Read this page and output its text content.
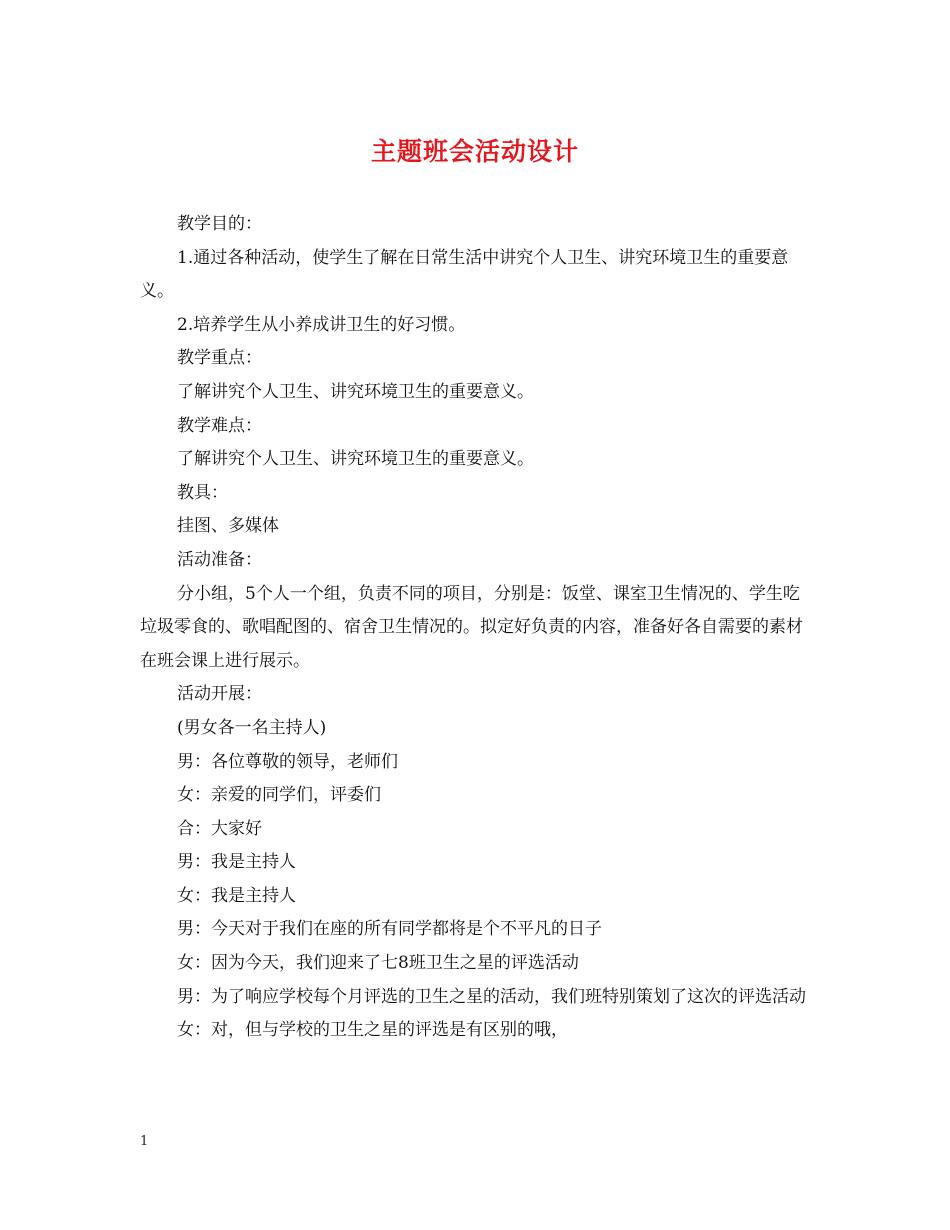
主题班会活动设计

教学目的：

1.通过各种活动，使学生了解在日常生活中讲究个人卫生、讲究环境卫生的重要意义。

2.培养学生从小养成讲卫生的好习惯。

教学重点：

了解讲究个人卫生、讲究环境卫生的重要意义。

教学难点：

了解讲究个人卫生、讲究环境卫生的重要意义。

教具：

挂图、多媒体

活动准备：

分小组，5个人一个组，负责不同的项目，分别是：饭堂、课室卫生情况的、学生吃垃圾零食的、歌唱配图的、宿舍卫生情况的。拟定好负责的内容，准备好各自需要的素材在班会课上进行展示。

活动开展：

(男女各一名主持人)

男：各位尊敬的领导，老师们

女：亲爱的同学们，评委们

合：大家好

男：我是主持人

女：我是主持人

男：今天对于我们在座的所有同学都将是个不平凡的日子

女：因为今天，我们迎来了七8班卫生之星的评选活动

男：为了响应学校每个月评选的卫生之星的活动，我们班特别策划了这次的评选活动

女：对，但与学校的卫生之星的评选是有区别的哦，

1
